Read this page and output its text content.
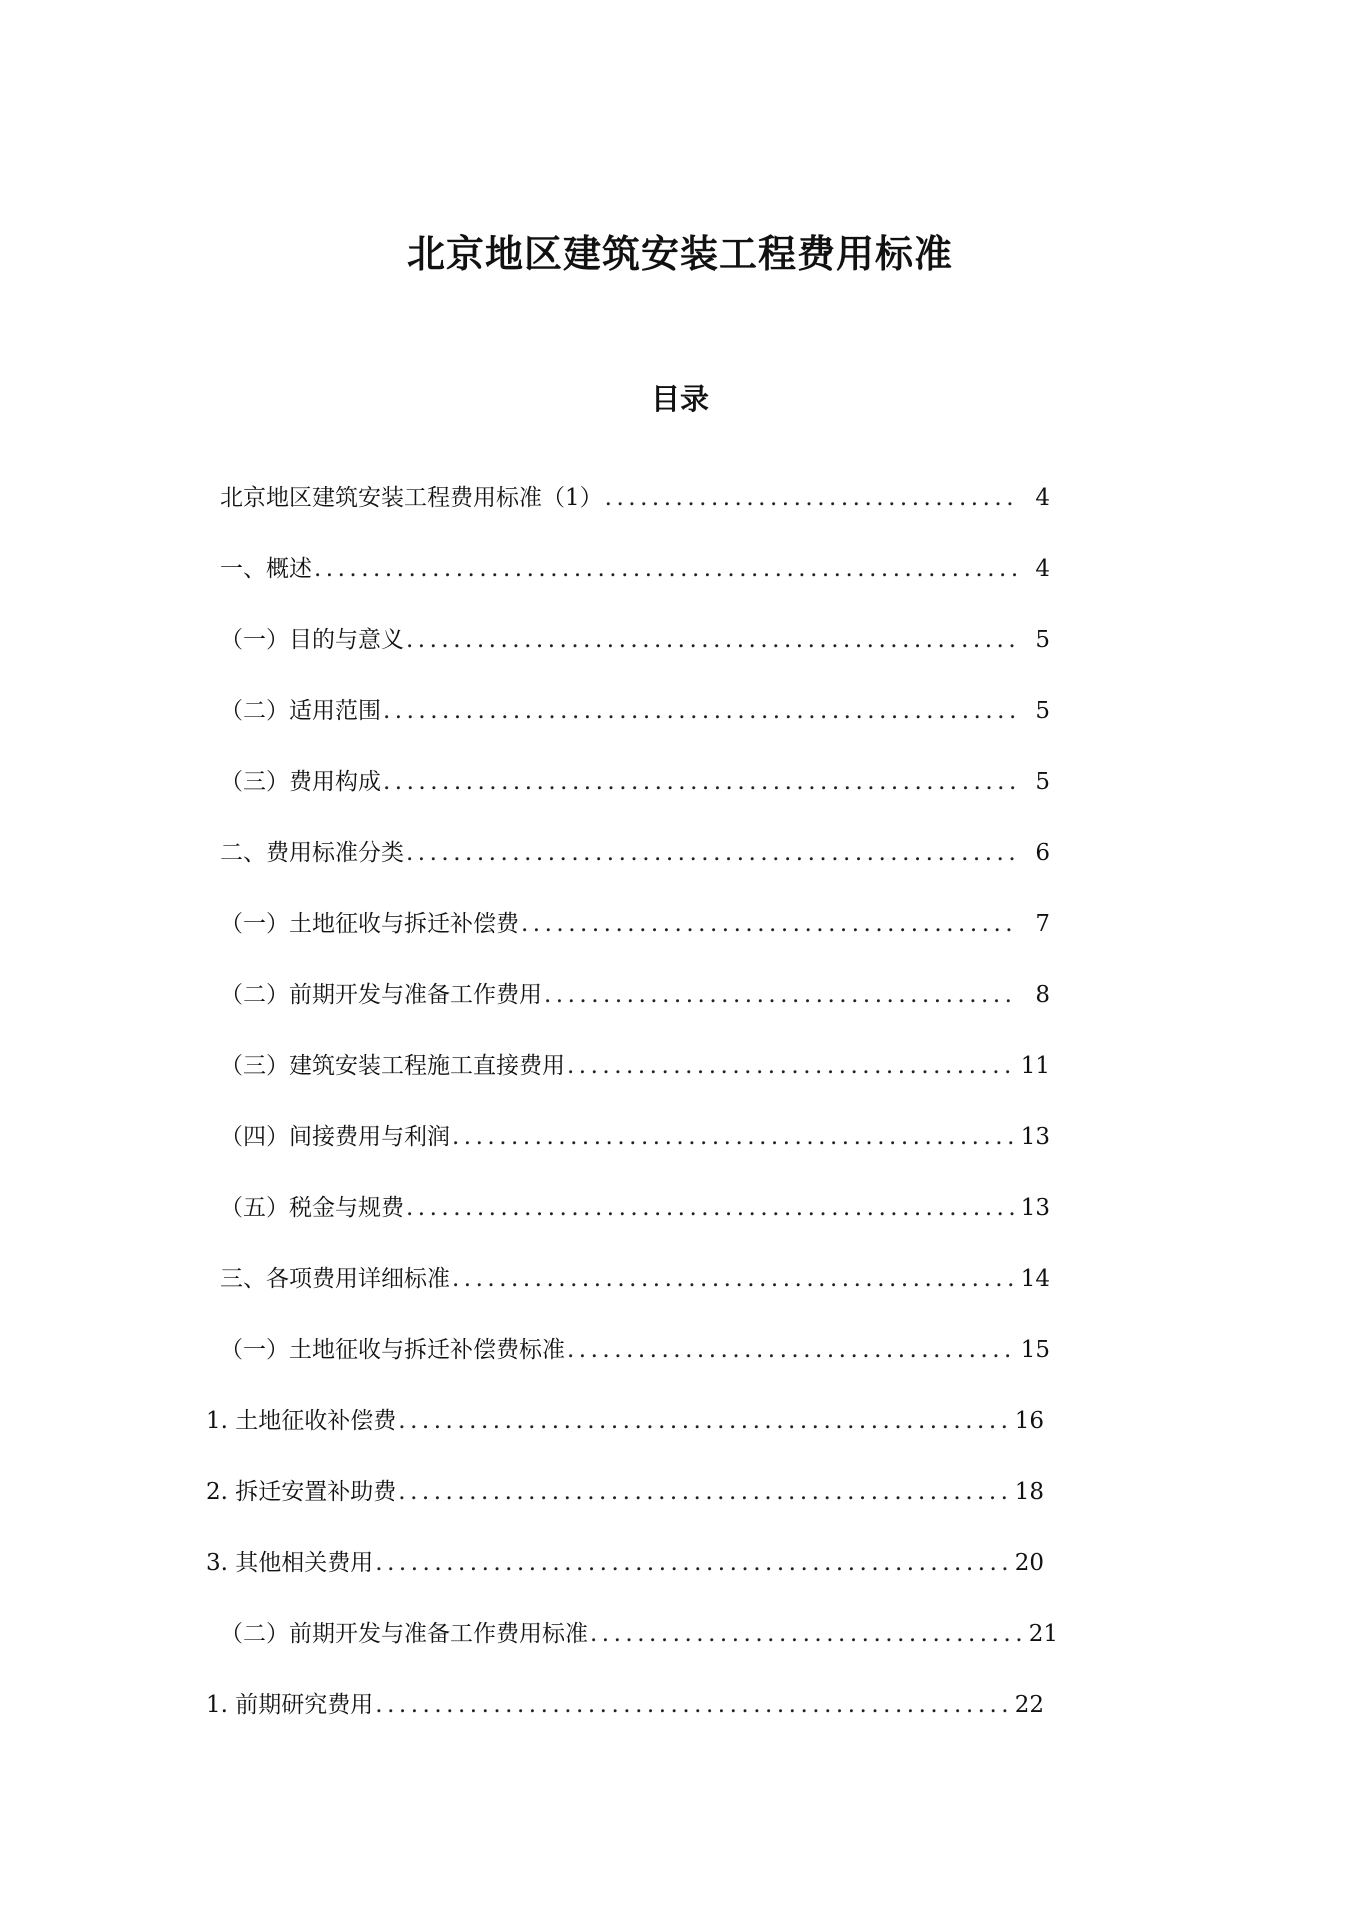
北京地区建筑安装工程费用标准
目录
北京地区建筑安装工程费用标准（1） .....	4
一、概述 .....	4
（一）目的与意义 .....	5
（二）适用范围 .....	5
（三）费用构成 .....	5
二、费用标准分类 .....	6
（一）土地征收与拆迁补偿费 .....	7
（二）前期开发与准备工作费用 .....	8
（三）建筑安装工程施工直接费用 .....	11
（四）间接费用与利润 .....	13
（五）税金与规费 .....	13
三、各项费用详细标准 .....	14
（一）土地征收与拆迁补偿费标准 .....	15
1. 土地征收补偿费 .....	16
2. 拆迁安置补助费 .....	18
3. 其他相关费用 .....	20
（二）前期开发与准备工作费用标准 .....	21
1. 前期研究费用 .....	22
